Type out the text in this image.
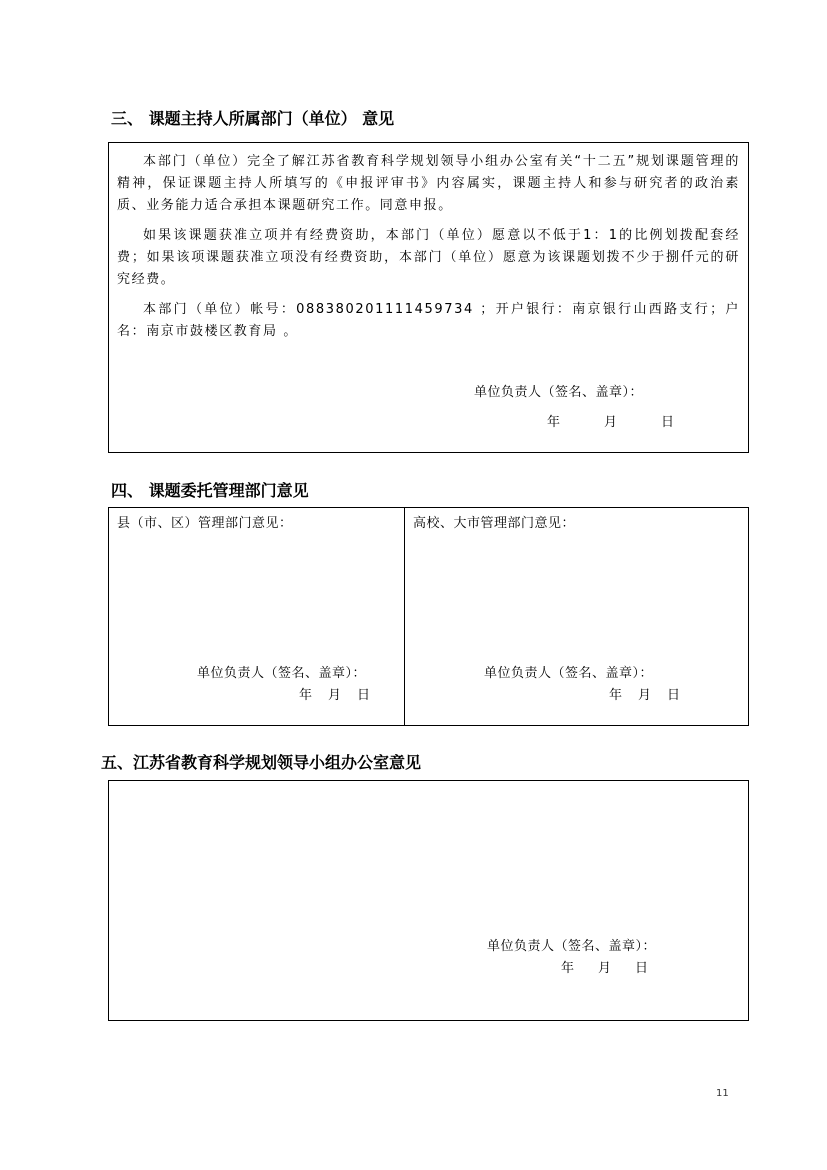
三、 课题主持人所属部门（单位） 意见
本部门（单位）完全了解江苏省教育科学规划领导小组办公室有关“十二五”规划课题管理的精神，保证课题主持人所填写的《申报评审书》内容属实，课题主持人和参与研究者的政治素质、业务能力适合承担本课题研究工作。同意申报。
如果该课题获准立项并有经费资助，本部门（单位）愿意以不低于1：1的比例划拨配套经费；如果该项课题获准立项没有经费资助，本部门（单位）愿意为该课题划拨不少于捌仟元的研究经费。
本部门（单位）帐号：088380201111459734 ；开户银行：南京银行山西路支行；户名：南京市鼓楼区教育局 。
单位负责人（签名、盖章）：
年	月	日
四、 课题委托管理部门意见
县（市、区）管理部门意见：
单位负责人（签名、盖章）：
年 月 日
高校、大市管理部门意见：
单位负责人（签名、盖章）：
年 月 日
五、江苏省教育科学规划领导小组办公室意见
单位负责人（签名、盖章）：
年 月 日
11
